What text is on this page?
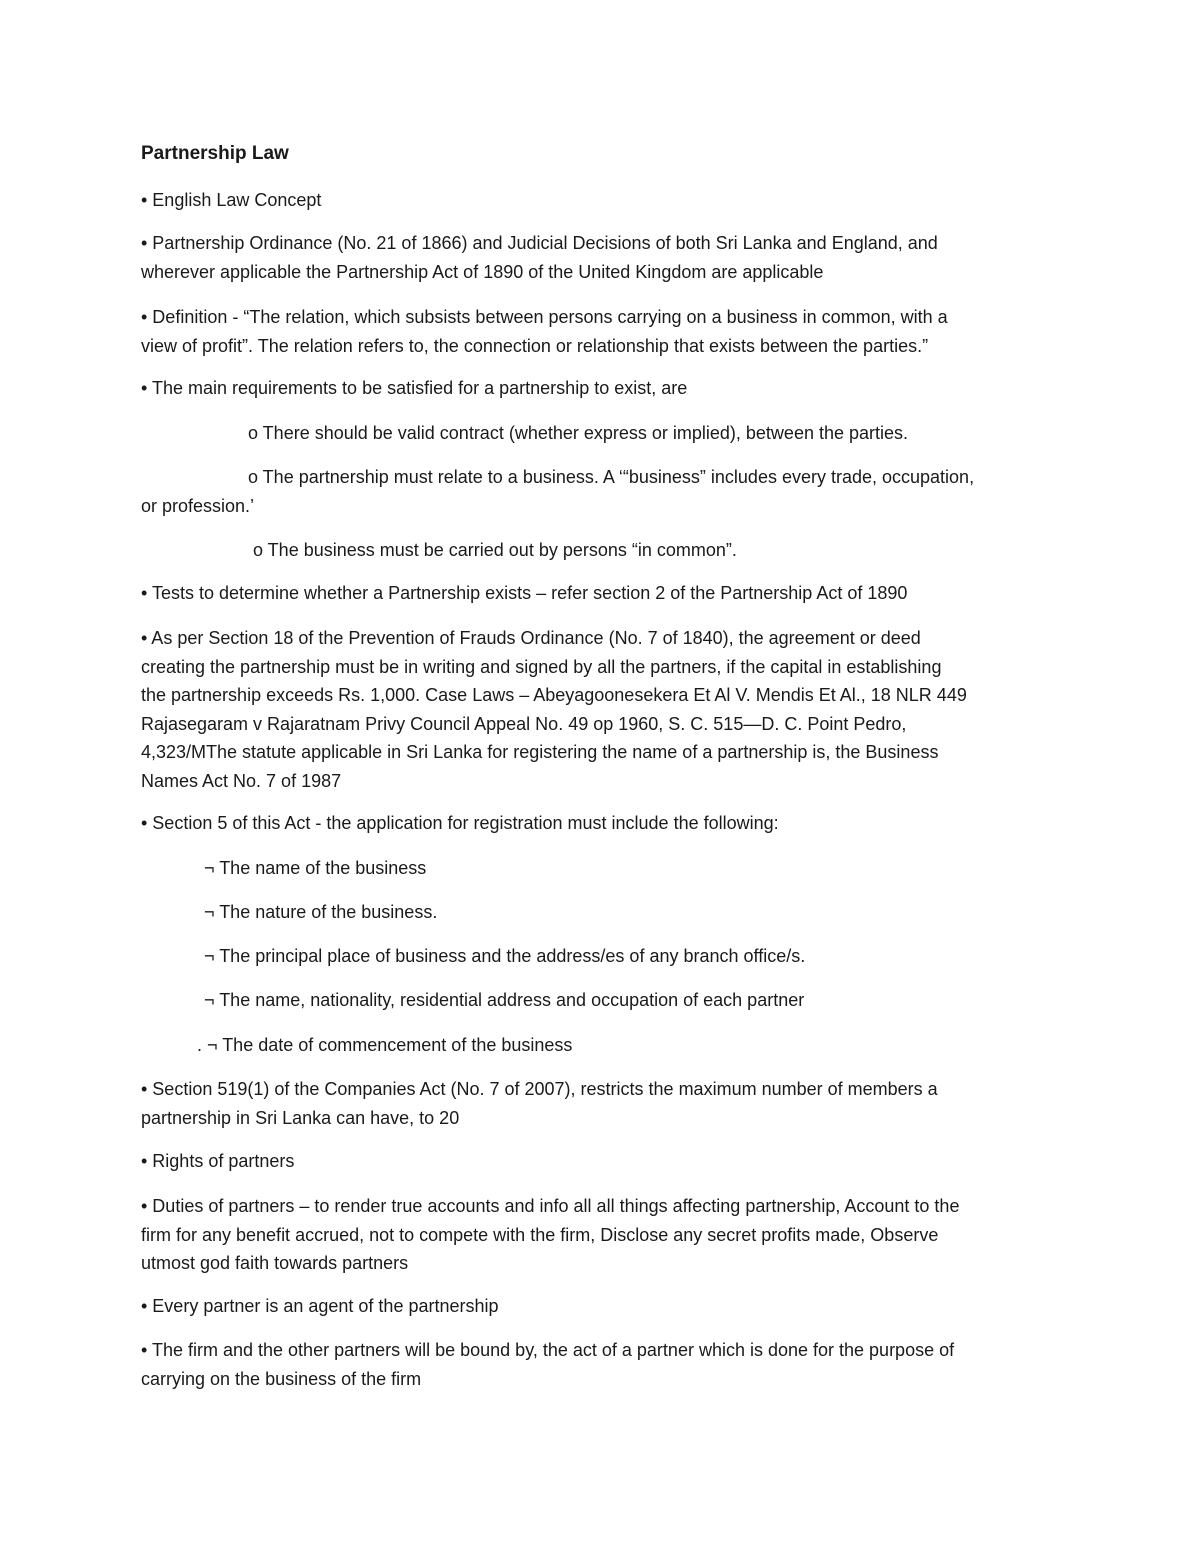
Partnership Law
• English Law Concept
• Partnership Ordinance (No. 21 of 1866) and Judicial Decisions of both Sri Lanka and England, and
wherever applicable the Partnership Act of 1890 of the United Kingdom are applicable
• Definition - “The relation, which subsists between persons carrying on a business in common, with a
view of profit”. The relation refers to, the connection or relationship that exists between the parties.”
• The main requirements to be satisfied for a partnership to exist, are
o There should be valid contract (whether express or implied), between the parties.
o The partnership must relate to a business. A ‘“business” includes every trade, occupation,
or profession.’
o The business must be carried out by persons “in common”.
• Tests to determine whether a Partnership exists – refer section 2 of the Partnership Act of 1890
• As per Section 18 of the Prevention of Frauds Ordinance (No. 7 of 1840), the agreement or deed
creating the partnership must be in writing and signed by all the partners, if the capital in establishing
the partnership exceeds Rs. 1,000. Case Laws – Abeyagoonesekera Et Al V. Mendis Et Al., 18 NLR 449
Rajasegaram v Rajaratnam Privy Council Appeal No. 49 op 1960, S. C. 515—D. C. Point Pedro,
4,323/MThe statute applicable in Sri Lanka for registering the name of a partnership is, the Business
Names Act No. 7 of 1987
• Section 5 of this Act - the application for registration must include the following:
¬ The name of the business
¬ The nature of the business.
¬ The principal place of business and the address/es of any branch office/s.
¬ The name, nationality, residential address and occupation of each partner
. ¬ The date of commencement of the business
• Section 519(1) of the Companies Act (No. 7 of 2007), restricts the maximum number of members a
partnership in Sri Lanka can have, to 20
• Rights of partners
• Duties of partners – to render true accounts and info all all things affecting partnership, Account to the
firm for any benefit accrued, not to compete with the firm, Disclose any secret profits made, Observe
utmost god faith towards partners
• Every partner is an agent of the partnership
• The firm and the other partners will be bound by, the act of a partner which is done for the purpose of
carrying on the business of the firm
